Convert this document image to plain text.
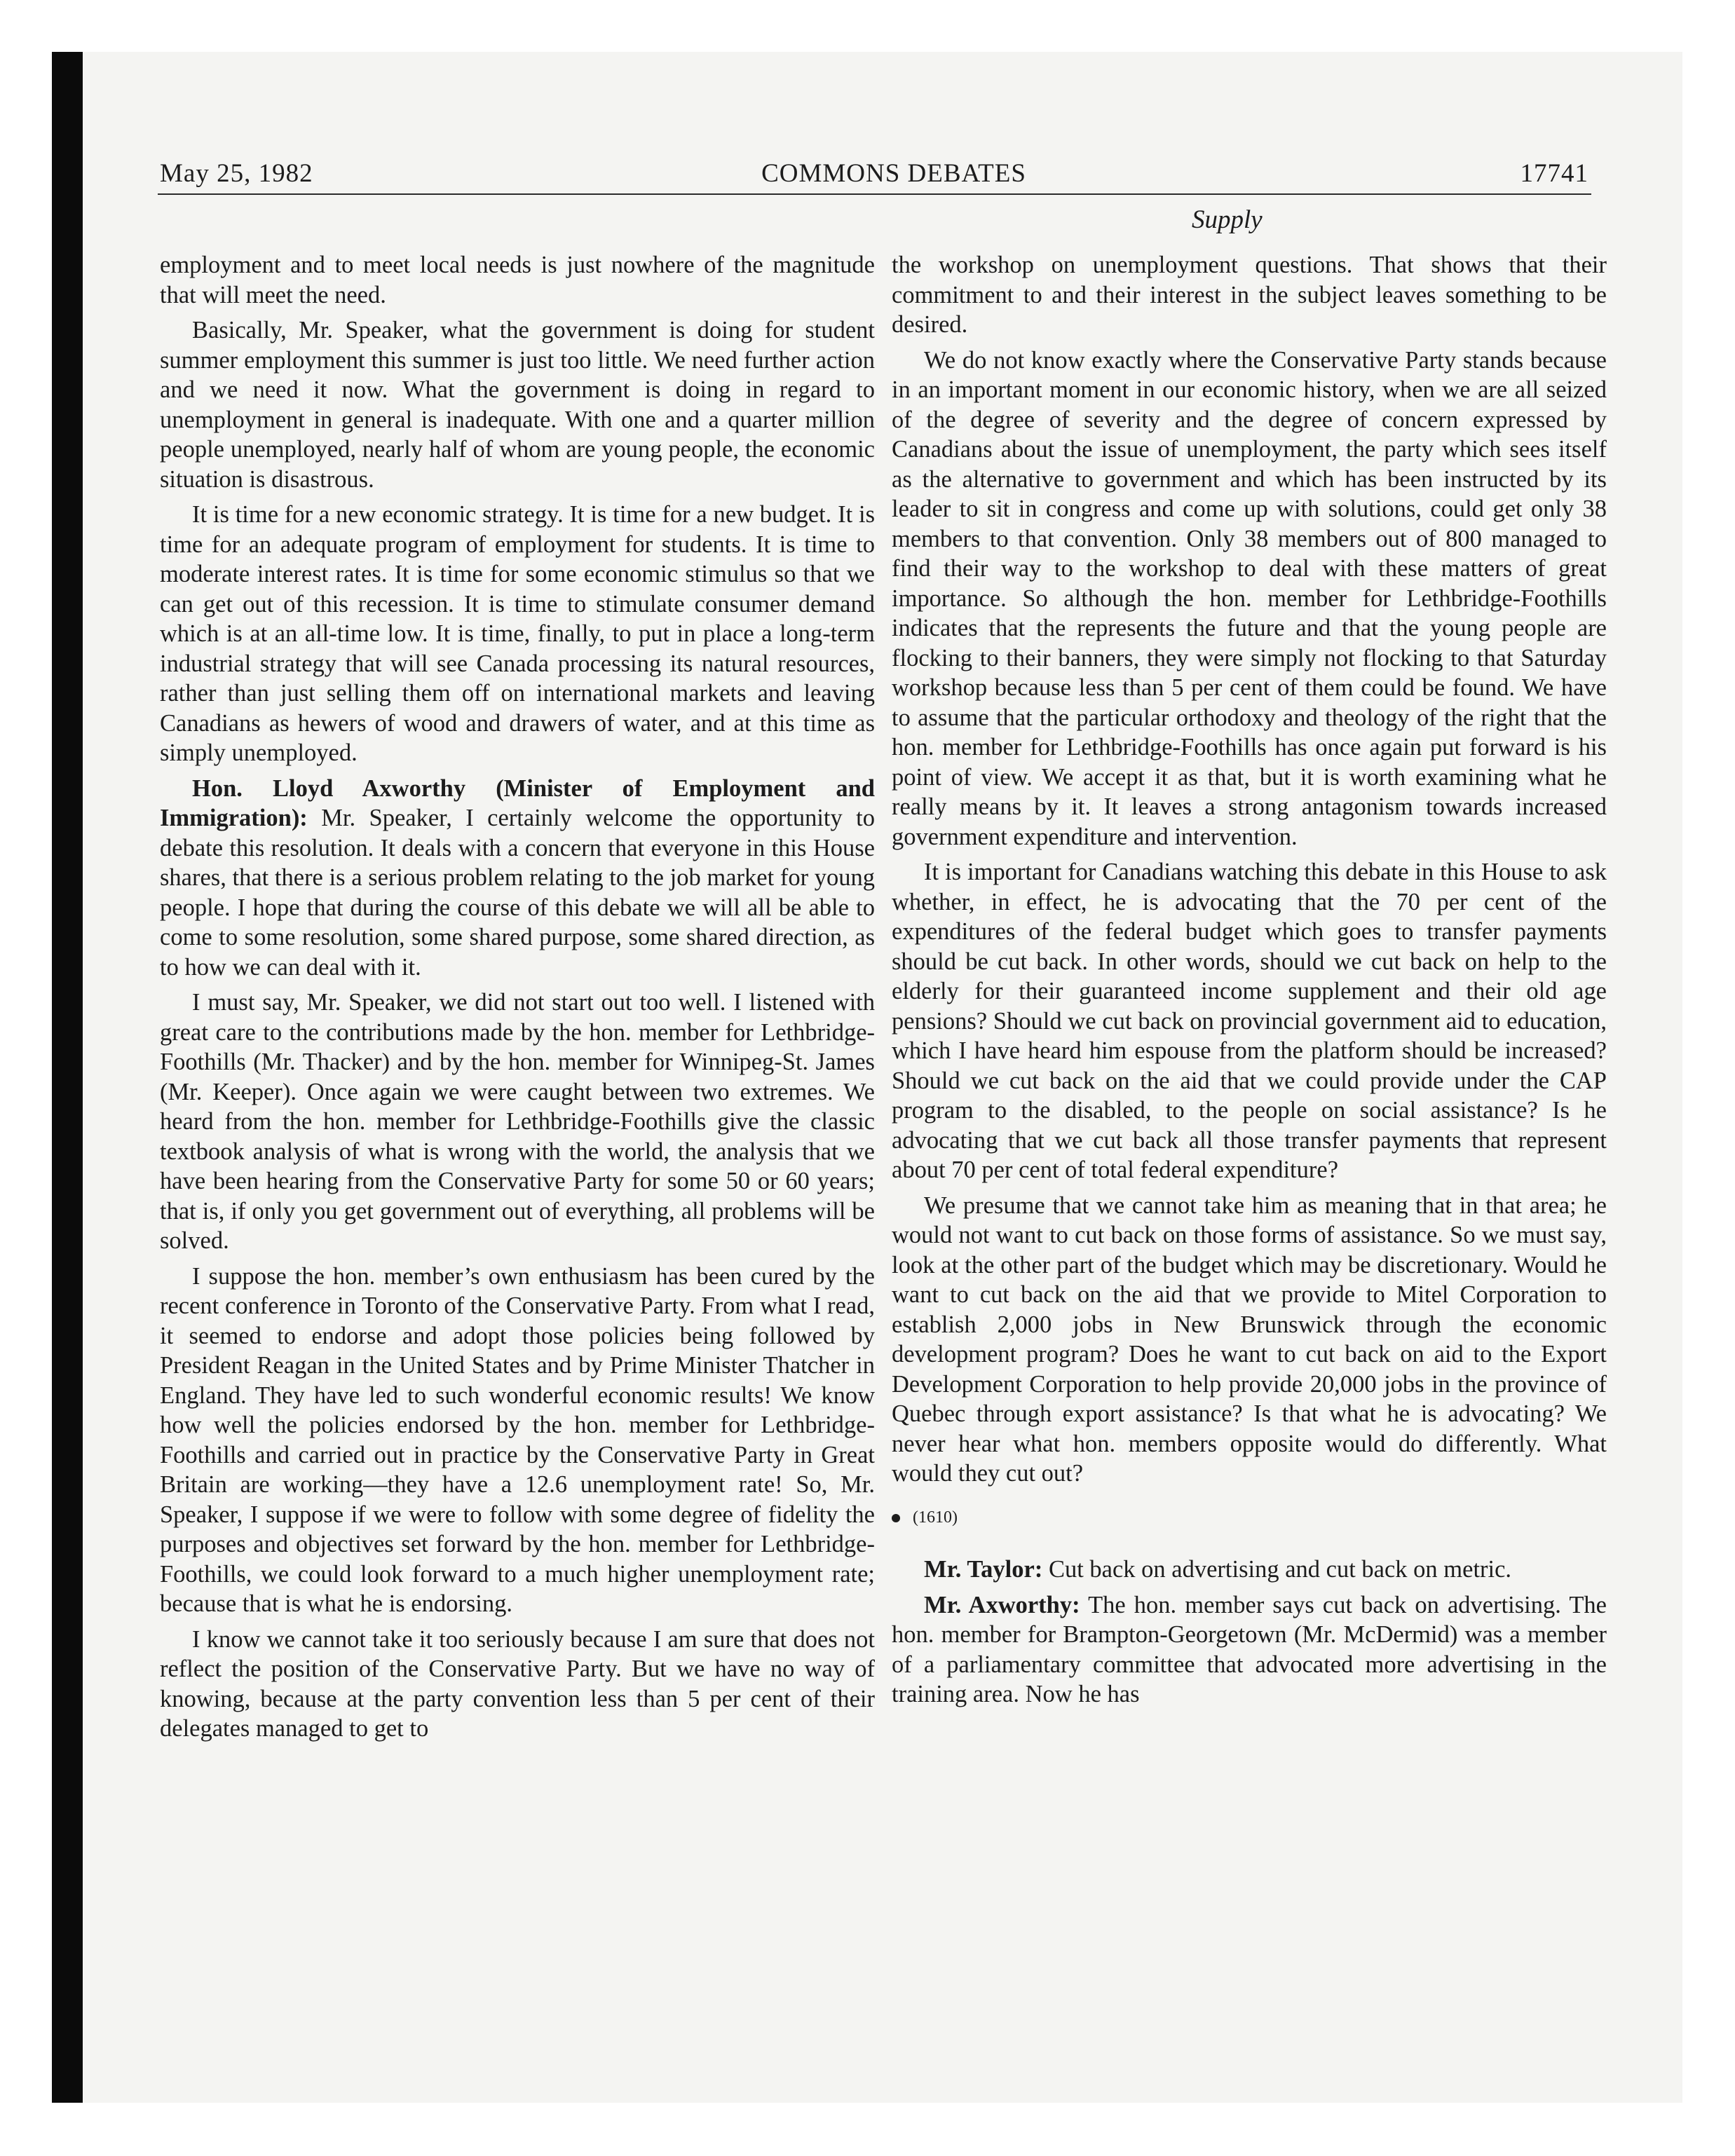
May 25, 1982	COMMONS DEBATES	17741
Supply

employment and to meet local needs is just nowhere of the magnitude that will meet the need.

Basically, Mr. Speaker, what the government is doing for student summer employment this summer is just too little. We need further action and we need it now. What the government is doing in regard to unemployment in general is inadequate. With one and a quarter million people unemployed, nearly half of whom are young people, the economic situation is disastrous.

It is time for a new economic strategy. It is time for a new budget. It is time for an adequate program of employment for students. It is time to moderate interest rates. It is time for some economic stimulus so that we can get out of this recession. It is time to stimulate consumer demand which is at an all-time low. It is time, finally, to put in place a long-term industrial strategy that will see Canada processing its natural resources, rather than just selling them off on international markets and leaving Canadians as hewers of wood and drawers of water, and at this time as simply unemployed.

Hon. Lloyd Axworthy (Minister of Employment and Immigration): Mr. Speaker, I certainly welcome the opportunity to debate this resolution. It deals with a concern that everyone in this House shares, that there is a serious problem relating to the job market for young people. I hope that during the course of this debate we will all be able to come to some resolution, some shared purpose, some shared direction, as to how we can deal with it.

I must say, Mr. Speaker, we did not start out too well. I listened with great care to the contributions made by the hon. member for Lethbridge-Foothills (Mr. Thacker) and by the hon. member for Winnipeg-St. James (Mr. Keeper). Once again we were caught between two extremes. We heard from the hon. member for Lethbridge-Foothills give the classic textbook analysis of what is wrong with the world, the analysis that we have been hearing from the Conservative Party for some 50 or 60 years; that is, if only you get government out of everything, all problems will be solved.

I suppose the hon. member’s own enthusiasm has been cured by the recent conference in Toronto of the Conservative Party. From what I read, it seemed to endorse and adopt those policies being followed by President Reagan in the United States and by Prime Minister Thatcher in England. They have led to such wonderful economic results! We know how well the policies endorsed by the hon. member for Lethbridge-Foothills and carried out in practice by the Conservative Party in Great Britain are working—they have a 12.6 unemployment rate! So, Mr. Speaker, I suppose if we were to follow with some degree of fidelity the purposes and objectives set forward by the hon. member for Lethbridge-Foothills, we could look forward to a much higher unemployment rate; because that is what he is endorsing.

I know we cannot take it too seriously because I am sure that does not reflect the position of the Conservative Party. But we have no way of knowing, because at the party convention less than 5 per cent of their delegates managed to get to

the workshop on unemployment questions. That shows that their commitment to and their interest in the subject leaves something to be desired.

We do not know exactly where the Conservative Party stands because in an important moment in our economic history, when we are all seized of the degree of severity and the degree of concern expressed by Canadians about the issue of unemployment, the party which sees itself as the alternative to government and which has been instructed by its leader to sit in congress and come up with solutions, could get only 38 members to that convention. Only 38 members out of 800 managed to find their way to the workshop to deal with these matters of great importance. So although the hon. member for Lethbridge-Foothills indicates that the represents the future and that the young people are flocking to their banners, they were simply not flocking to that Saturday workshop because less than 5 per cent of them could be found. We have to assume that the particular orthodoxy and theology of the right that the hon. member for Lethbridge-Foothills has once again put forward is his point of view. We accept it as that, but it is worth examining what he really means by it. It leaves a strong antagonism towards increased government expenditure and intervention.

It is important for Canadians watching this debate in this House to ask whether, in effect, he is advocating that the 70 per cent of the expenditures of the federal budget which goes to transfer payments should be cut back. In other words, should we cut back on help to the elderly for their guaranteed income supplement and their old age pensions? Should we cut back on provincial government aid to education, which I have heard him espouse from the platform should be increased? Should we cut back on the aid that we could provide under the CAP program to the disabled, to the people on social assistance? Is he advocating that we cut back all those transfer payments that represent about 70 per cent of total federal expenditure?

We presume that we cannot take him as meaning that in that area; he would not want to cut back on those forms of assistance. So we must say, look at the other part of the budget which may be discretionary. Would he want to cut back on the aid that we provide to Mitel Corporation to establish 2,000 jobs in New Brunswick through the economic development program? Does he want to cut back on aid to the Export Development Corporation to help provide 20,000 jobs in the province of Quebec through export assistance? Is that what he is advocating? We never hear what hon. members opposite would do differently. What would they cut out?

(1610)

Mr. Taylor: Cut back on advertising and cut back on metric.

Mr. Axworthy: The hon. member says cut back on advertising. The hon. member for Brampton-Georgetown (Mr. McDermid) was a member of a parliamentary committee that advocated more advertising in the training area. Now he has
